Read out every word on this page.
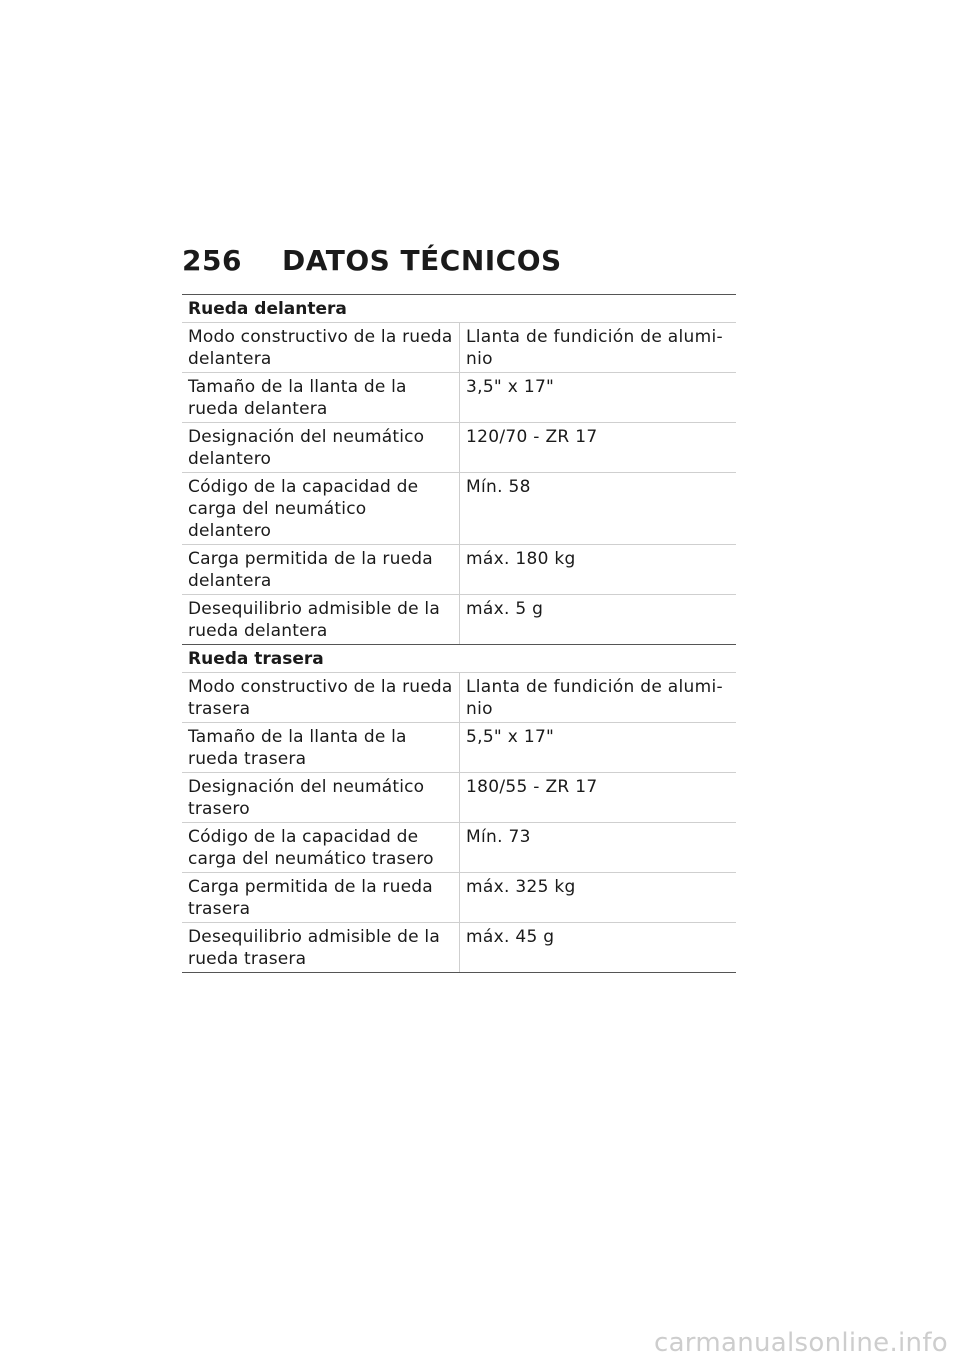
256	DATOS TÉCNICOS
Rueda delantera
Modo constructivo de la rueda delantera
Llanta de fundición de alumi-nio
Tamaño de la llanta de la rueda delantera
3,5" x 17"
Designación del neumático delantero
120/70 - ZR 17
Código de la capacidad de carga del neumático delantero
Mín. 58
Carga permitida de la rueda delantera
máx. 180 kg
Desequilibrio admisible de la rueda delantera
máx. 5 g
Rueda trasera
Modo constructivo de la rueda trasera
Llanta de fundición de alumi-nio
Tamaño de la llanta de la rueda trasera
5,5" x 17"
Designación del neumático trasero
180/55 - ZR 17
Código de la capacidad de carga del neumático trasero
Mín. 73
Carga permitida de la rueda trasera
máx. 325 kg
Desequilibrio admisible de la rueda trasera
máx. 45 g
carmanualsonline.info
